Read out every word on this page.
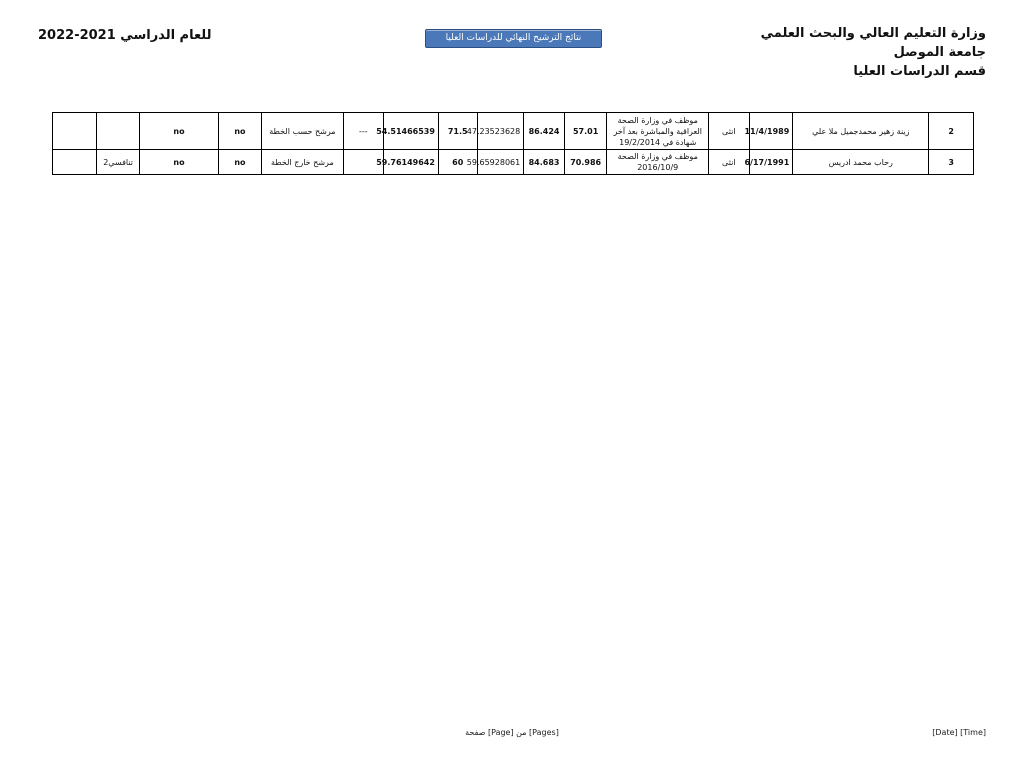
وزارة التعليم العالي والبحث العلمي
جامعة الموصل
قسم الدراسات العليا
للعام الدراسي 2021-2022	نتائج الترشيح النهائي للدراسات العليا
2	زينة زهير محمدجميل ملا علي	11/4/1989	انثى	موظف في وزارة الصحة العراقية والمباشرة بعد آخر شهادة في 19/2/2014	57.01	86.424	47.23523628	71.5	54.51466539	---	مرشح حسب الخطة	no	no		
3	رحاب محمد ادريس	6/17/1991	انثى	موظف في وزارة الصحة 2016/10/9	70.986	84.683	59.65928061	60	59.76149642		مرشح خارج الخطة	no	no	تنافسي2	
صفحة [Page] من [Pages]	[Date] [Time]
